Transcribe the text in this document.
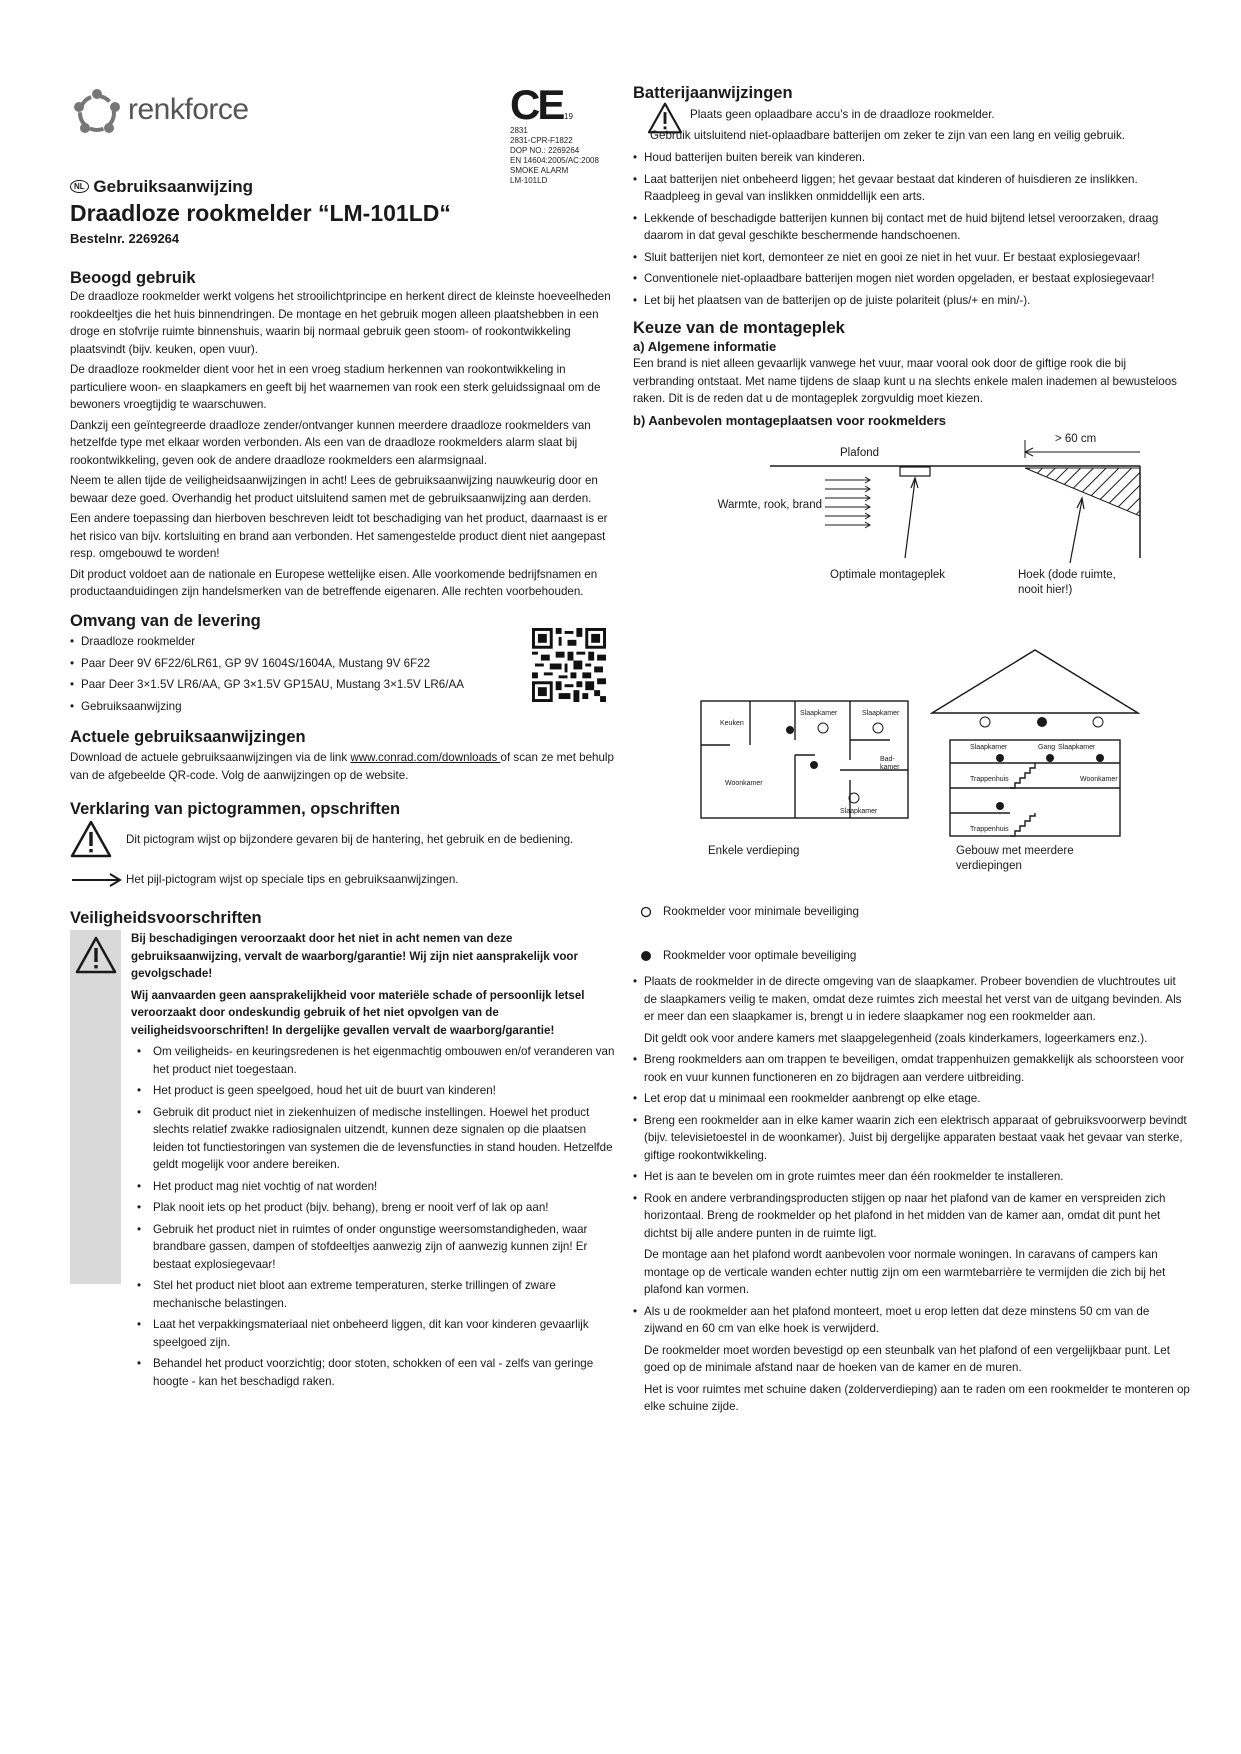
renkforce	CE 19
2831
2831-CPR-F1822
DOP NO.: 2269264
EN 14604:2005/AC:2008
SMOKE ALARM
LM-101LD
NL Gebruiksaanwijzing
Draadloze rookmelder “LM-101LD“
Bestelnr. 2269264
Beoogd gebruik

De draadloze rookmelder werkt volgens het strooilichtprincipe en herkent direct de kleinste hoeveelheden rookdeeltjes die het huis binnendringen. De montage en het gebruik mogen alleen plaatshebben in een droge en stofvrije ruimte binnenshuis, waarin bij normaal gebruik geen stoom- of rookontwikkeling plaatsvindt (bijv. keuken, open vuur).

De draadloze rookmelder dient voor het in een vroeg stadium herkennen van rookontwikkeling in particuliere woon- en slaapkamers en geeft bij het waarnemen van rook een sterk geluidssignaal om de bewoners vroegtijdig te waarschuwen.

Dankzij een geïntegreerde draadloze zender/ontvanger kunnen meerdere draadloze rookmelders van hetzelfde type met elkaar worden verbonden. Als een van de draadloze rookmelders alarm slaat bij rookontwikkeling, geven ook de andere draadloze rookmelders een alarmsignaal.

Neem te allen tijde de veiligheidsaanwijzingen in acht! Lees de gebruiksaanwijzing nauwkeurig door en bewaar deze goed. Overhandig het product uitsluitend samen met de gebruiksaanwijzing aan derden.

Een andere toepassing dan hierboven beschreven leidt tot beschadiging van het product, daarnaast is er het risico van bijv. kortsluiting en brand aan verbonden. Het samengestelde product dient niet aangepast resp. omgebouwd te worden!

Dit product voldoet aan de nationale en Europese wettelijke eisen. Alle voorkomende bedrijfsnamen en productaanduidingen zijn handelsmerken van de betreffende eigenaren. Alle rechten voorbehouden.

Omvang van de levering
• Draadloze rookmelder
• Paar Deer 9V 6F22/6LR61, GP 9V 1604S/1604A, Mustang 9V 6F22
• Paar Deer 3×1.5V LR6/AA, GP 3×1.5V GP15AU, Mustang 3×1.5V LR6/AA
• Gebruiksaanwijzing
Actuele gebruiksaanwijzingen

Download de actuele gebruiksaanwijzingen via de link www.conrad.com/downloads of scan ze met behulp van de afgebeelde QR-code. Volg de aanwijzingen op de website.

Verklaring van pictogrammen, opschriften
Dit pictogram wijst op bijzondere gevaren bij de hantering, het gebruik en de bediening.
Het pijl-pictogram wijst op speciale tips en gebruiksaanwijzingen.
Veiligheidsvoorschriften

Bij beschadigingen veroorzaakt door het niet in acht nemen van deze gebruiksaanwijzing, vervalt de waarborg/garantie! Wij zijn niet aansprakelijk voor gevolgschade!

Wij aanvaarden geen aansprakelijkheid voor materiële schade of persoonlijk letsel veroorzaakt door ondeskundig gebruik of het niet opvolgen van de veiligheidsvoorschriften! In dergelijke gevallen vervalt de waarborg/garantie!

• Om veiligheids- en keuringsredenen is het eigenmachtig ombouwen en/of veranderen van het product niet toegestaan.
• Het product is geen speelgoed, houd het uit de buurt van kinderen!
• Gebruik dit product niet in ziekenhuizen of medische instellingen. Hoewel het product slechts relatief zwakke radiosignalen uitzendt, kunnen deze signalen op die plaatsen leiden tot functiestoringen van systemen die de levensfuncties in stand houden. Hetzelfde geldt mogelijk voor andere bereiken.
• Het product mag niet vochtig of nat worden!
• Plak nooit iets op het product (bijv. behang), breng er nooit verf of lak op aan!
• Gebruik het product niet in ruimtes of onder ongunstige weersomstandigheden, waar brandbare gassen, dampen of stofdeeltjes aanwezig zijn of aanwezig kunnen zijn! Er bestaat explosiegevaar!
• Stel het product niet bloot aan extreme temperaturen, sterke trillingen of zware mechanische belastingen.
• Laat het verpakkingsmateriaal niet onbeheerd liggen, dit kan voor kinderen gevaarlijk speelgoed zijn.
• Behandel het product voorzichtig; door stoten, schokken of een val - zelfs van geringe hoogte - kan het beschadigd raken.
Batterijaanwijzingen
Plaats geen oplaadbare accu’s in de draadloze rookmelder.
Gebruik uitsluitend niet-oplaadbare batterijen om zeker te zijn van een lang en veilig gebruik.
• Houd batterijen buiten bereik van kinderen.
• Laat batterijen niet onbeheerd liggen; het gevaar bestaat dat kinderen of huisdieren ze inslikken. Raadpleeg in geval van inslikken onmiddellijk een arts.
• Lekkende of beschadigde batterijen kunnen bij contact met de huid bijtend letsel veroorzaken, draag daarom in dat geval geschikte beschermende handschoenen.
• Sluit batterijen niet kort, demonteer ze niet en gooi ze niet in het vuur. Er bestaat explosiegevaar!
• Conventionele niet-oplaadbare batterijen mogen niet worden opgeladen, er bestaat explosiegevaar!
• Let bij het plaatsen van de batterijen op de juiste polariteit (plus/+ en min/-).
Keuze van de montageplek
a) Algemene informatie

Een brand is niet alleen gevaarlijk vanwege het vuur, maar vooral ook door de giftige rook die bij verbranding ontstaat. Met name tijdens de slaap kunt u na slechts enkele malen inademen al bewusteloos raken. Dit is de reden dat u de montageplek zorgvuldig moet kiezen.

b) Aanbevolen montageplaatsen voor rookmelders
> 60 cm
Plafond
Warmte, rook, brand
Optimale montageplek	Hoek (dode ruimte, nooit hier!)
Keuken
Slaapkamer	Slaapkamer
Bad-kamer
Woonkamer
Slaapkamer
Enkele verdieping
Slaapkamer	Gang Slaapkamer
Trappenhuis	Woonkamer
Trappenhuis
Gebouw met meerdere verdiepingen
Rookmelder voor minimale beveiliging
Rookmelder voor optimale beveiliging
• Plaats de rookmelder in de directe omgeving van de slaapkamer. Probeer bovendien de vluchtroutes uit de slaapkamers veilig te maken, omdat deze ruimtes zich meestal het verst van de uitgang bevinden. Als er meer dan een slaapkamer is, brengt u in iedere slaapkamer nog een rookmelder aan.

Dit geldt ook voor andere kamers met slaapgelegenheid (zoals kinderkamers, logeerkamers enz.).

• Breng rookmelders aan om trappen te beveiligen, omdat trappenhuizen gemakkelijk als schoorsteen voor rook en vuur kunnen functioneren en zo bijdragen aan verdere uitbreiding.
• Let erop dat u minimaal een rookmelder aanbrengt op elke etage.
• Breng een rookmelder aan in elke kamer waarin zich een elektrisch apparaat of gebruiksvoorwerp bevindt (bijv. televisietoestel in de woonkamer). Juist bij dergelijke apparaten bestaat vaak het gevaar van sterke, giftige rookontwikkeling.
• Het is aan te bevelen om in grote ruimtes meer dan één rookmelder te installeren.
• Rook en andere verbrandingsproducten stijgen op naar het plafond van de kamer en verspreiden zich horizontaal. Breng de rookmelder op het plafond in het midden van de kamer aan, omdat dit punt het dichtst bij alle andere punten in de ruimte ligt.

De montage aan het plafond wordt aanbevolen voor normale woningen. In caravans of campers kan montage op de verticale wanden echter nuttig zijn om een warmtebarrière te vermijden die zich bij het plafond kan vormen.

• Als u de rookmelder aan het plafond monteert, moet u erop letten dat deze minstens 50 cm van de zijwand en 60 cm van elke hoek is verwijderd.

De rookmelder moet worden bevestigd op een steunbalk van het plafond of een vergelijkbaar punt. Let goed op de minimale afstand naar de hoeken van de kamer en de muren.

Het is voor ruimtes met schuine daken (zolderverdieping) aan te raden om een rookmelder te monteren op elke schuine zijde.
